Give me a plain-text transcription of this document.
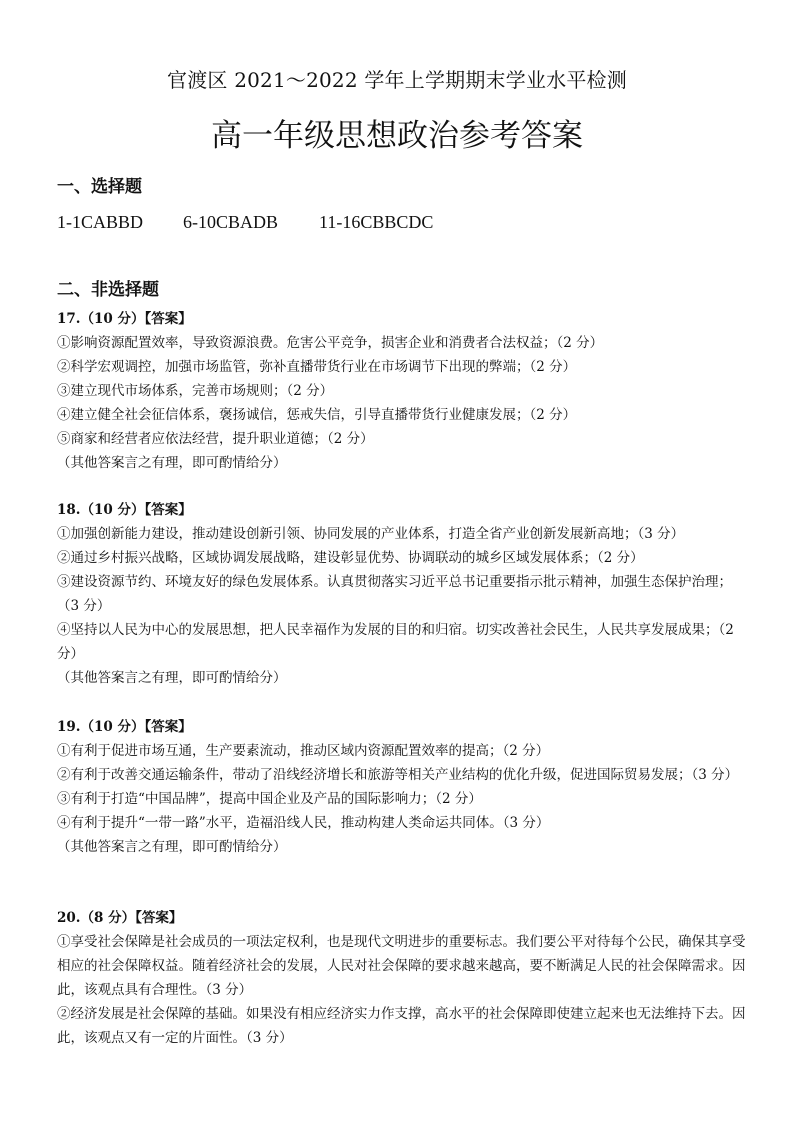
官渡区 2021～2022 学年上学期期末学业水平检测
高一年级思想政治参考答案
一、选择题
1-1CABBD 6-10CBADB 11-16CBBCDC
二、非选择题

17.（10 分）【答案】

①影响资源配置效率，导致资源浪费。危害公平竞争，损害企业和消费者合法权益；（2 分）

②科学宏观调控，加强市场监管，弥补直播带货行业在市场调节下出现的弊端；（2 分）

③建立现代市场体系，完善市场规则；（2 分）

④建立健全社会征信体系，褒扬诚信，惩戒失信，引导直播带货行业健康发展；（2 分）

⑤商家和经营者应依法经营，提升职业道德；（2 分）

（其他答案言之有理，即可酌情给分）

18.（10 分）【答案】

①加强创新能力建设，推动建设创新引领、协同发展的产业体系，打造全省产业创新发展新高地；（3 分）

②通过乡村振兴战略，区域协调发展战略，建设彰显优势、协调联动的城乡区域发展体系；（2 分）

③建设资源节约、环境友好的绿色发展体系。认真贯彻落实习近平总书记重要指示批示精神，加强生态保护治理；（3 分）

④坚持以人民为中心的发展思想，把人民幸福作为发展的目的和归宿。切实改善社会民生，人民共享发展成果；（2 分）

（其他答案言之有理，即可酌情给分）

19.（10 分）【答案】

①有利于促进市场互通，生产要素流动，推动区域内资源配置效率的提高；（2 分）

②有利于改善交通运输条件，带动了沿线经济增长和旅游等相关产业结构的优化升级，促进国际贸易发展；（3 分）

③有利于打造“中国品牌”，提高中国企业及产品的国际影响力；（2 分）

④有利于提升“一带一路”水平，造福沿线人民，推动构建人类命运共同体。（3 分）

（其他答案言之有理，即可酌情给分）

20.（8 分）【答案】

①享受社会保障是社会成员的一项法定权利，也是现代文明进步的重要标志。我们要公平对待每个公民，确保其享受相应的社会保障权益。随着经济社会的发展，人民对社会保障的要求越来越高，要不断满足人民的社会保障需求。因此，该观点具有合理性。（3 分）

②经济发展是社会保障的基础。如果没有相应经济实力作支撑，高水平的社会保障即使建立起来也无法维持下去。因此，该观点又有一定的片面性。（3 分）
